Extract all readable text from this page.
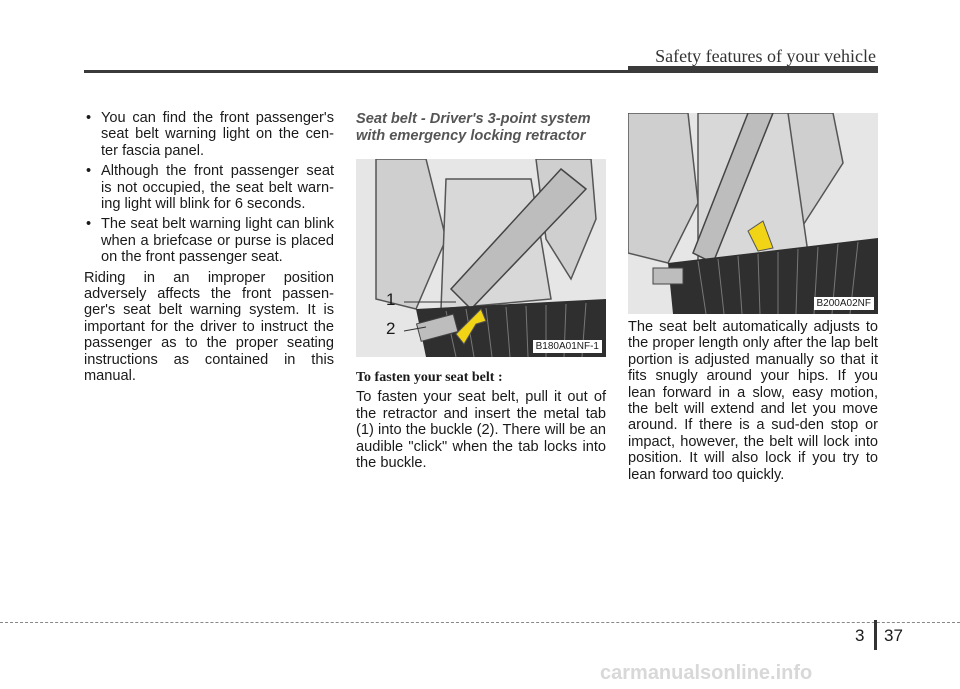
Safety features of your vehicle
• You can find the front passenger's seat belt warning light on the cen-ter fascia panel.
• Although the front passenger seat is not occupied, the seat belt warn-ing light will blink for 6 seconds.
• The seat belt warning light can blink when a briefcase or purse is placed on the front passenger seat.

Riding in an improper position adversely affects the front passen-ger's seat belt warning system. It is important for the driver to instruct the passenger as to the proper seating instructions as contained in this manual.

Seat belt - Driver's 3-point system with emergency locking retractor
1
2
B180A01NF-1
To fasten your seat belt :

To fasten your seat belt, pull it out of the retractor and insert the metal tab (1) into the buckle (2). There will be an audible "click" when the tab locks into the buckle.

B200A02NF

The seat belt automatically adjusts to the proper length only after the lap belt portion is adjusted manually so that it fits snugly around your hips. If you lean forward in a slow, easy motion, the belt will extend and let you move around. If there is a sud-den stop or impact, however, the belt will lock into position. It will also lock if you try to lean forward too quickly.

3 37
carmanualsonline.info
